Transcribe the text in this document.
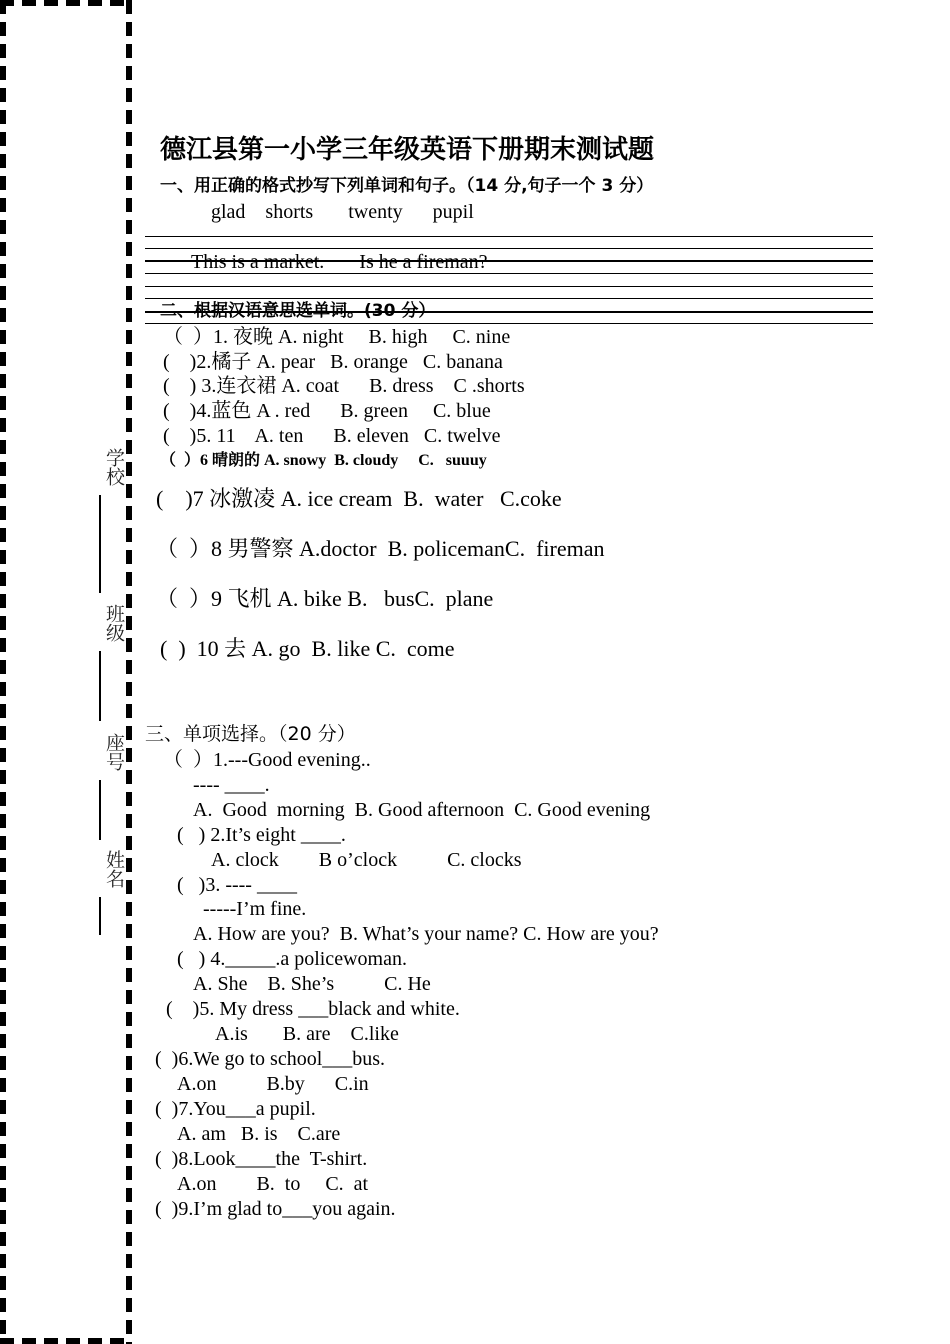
学校
班级
座号
姓名
德江县第一小学三年级英语下册期末测试题
一、用正确的格式抄写下列单词和句子。（14 分,句子一个 3 分）
glad    shorts       twenty      pupil
This is a market.       Is he a fireman?
二、根据汉语意思选单词。(30 分）
（  ）1. 夜晚 A. night     B. high     C. nine
(    )2.橘子 A. pear   B. orange   C. banana
(    ) 3.连衣裙 A. coat      B. dress    C .shorts
(    )4.蓝色 A . red      B. green     C. blue
(    )5. 11    A. ten      B. eleven   C. twelve
（  ）6 晴朗的 A. snowy  B. cloudy     C.   suuuy
(    )7 冰激凌 A. ice cream  B.  water   C.coke
（  ）8 男警察 A.doctor  B. policemanC.  fireman
（  ）9 飞机 A. bike B.   busC.  plane
(  )  10 去 A. go  B. like C.  come
三、单项选择。（20 分）
（  ）1.---Good evening..
---- ____.
A.  Good  morning  B. Good afternoon  C. Good evening
(   ) 2.It’s eight ____.
A. clock        B o’clock          C. clocks
(   )3. ---- ____
-----I’m fine.
A. How are you?  B. What’s your name? C. How are you?
(   ) 4._____.a policewoman.
A. She    B. She’s          C. He
(    )5. My dress ___black and white.
A.is       B. are    C.like
(  )6.We go to school___bus.
A.on          B.by      C.in
(  )7.You___a pupil.
A. am   B. is    C.are
(  )8.Look____the  T-shirt.
A.on        B.  to     C.  at
(  )9.I’m glad to___you again.
